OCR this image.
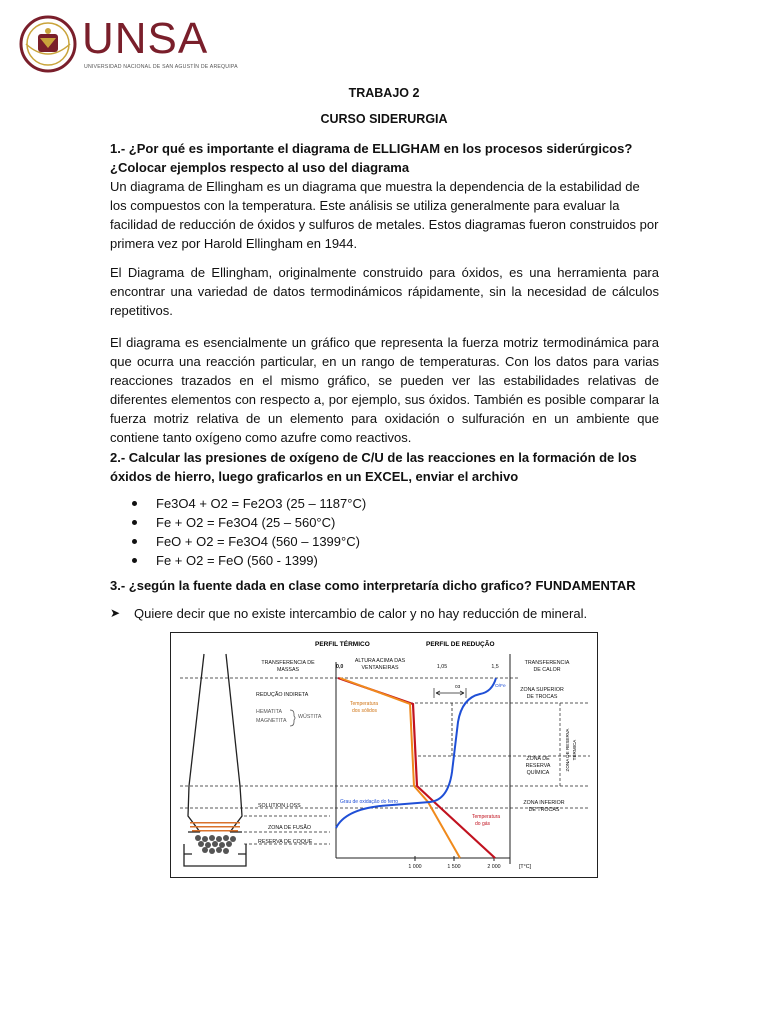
UNSA
UNIVERSIDAD NACIONAL DE SAN AGUSTÍN DE AREQUIPA
TRABAJO 2
CURSO SIDERURGIA
1.- ¿Por qué es importante el diagrama de ELLIGHAM en los procesos siderúrgicos? ¿Colocar ejemplos respecto al uso del diagrama
Un diagrama de Ellingham es un diagrama que muestra la dependencia de la estabilidad de los compuestos con la temperatura. Este análisis se utiliza generalmente para evaluar la facilidad de reducción de óxidos y sulfuros de metales. Estos diagramas fueron construidos por primera vez por Harold Ellingham en 1944.
El Diagrama de Ellingham, originalmente construido para óxidos, es una herramienta para encontrar una variedad de datos termodinámicos rápidamente, sin la necesidad de cálculos repetitivos.
El diagrama es esencialmente un gráfico que representa la fuerza motriz termodinámica para que ocurra una reacción particular, en un rango de temperaturas. Con los datos para varias reacciones trazados en el mismo gráfico, se pueden ver las estabilidades relativas de diferentes elementos con respecto a, por ejemplo, sus óxidos. También es posible comparar la fuerza motriz relativa de un elemento para oxidación o sulfuración en un ambiente que contiene tanto oxígeno como azufre como reactivos.
2.- Calcular las presiones de oxígeno de C/U de las reacciones en la formación de los óxidos de hierro, luego graficarlos en un EXCEL, enviar el archivo
Fe3O4 + O2 = Fe2O3 (25 – 1187°C)
Fe + O2 = Fe3O4 (25 – 560°C)
FeO + O2 = Fe3O4 (560 – 1399°C)
Fe + O2 = FeO (560 - 1399)
3.- ¿según la fuente dada en clase como interpretaría dicho grafico? FUNDAMENTAR
➤ Quiere decir que no existe intercambio de calor y no hay reducción de mineral.
PERFIL TÉRMICO	PERFIL DE REDUÇÃO
TRANSFERENCIA DE
MASSAS
REDUÇÃO INDIRETA
HEMATITA
MAGNETITA
WÜSTITA
SOLUTION LOSS
ZONA DE FUSÃO
RESERVA DE COQUE
0,0
ALTURA ACIMA DAS
VENTANEIRAS	1,05	1,5
03	O/Fe
Temperatura
dos sólidos
Grau de oxidação do ferro
Temperatura
do gás
TRANSFERENCIA
DE CALOR
ZONA SUPERIOR
DE TROCAS
ZONA DE
RESERVA
QUÍMICA
ZONA INFERIOR
DE TROCAS
ZONA DE RESERVA TÉRMICA
1 000	1 500	2 000	[T°C]
